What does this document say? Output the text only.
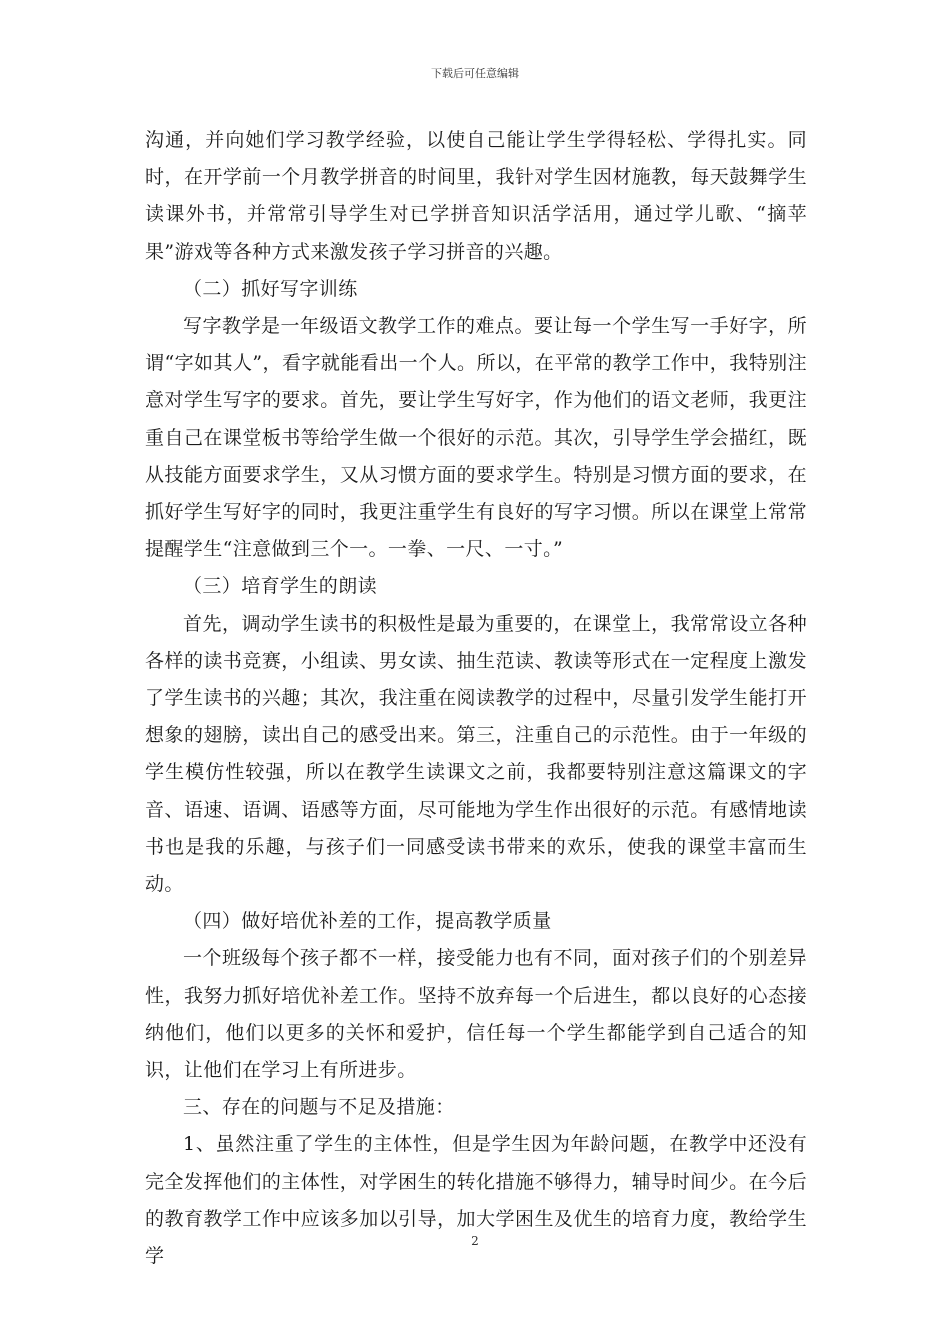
下载后可任意编辑

沟通，并向她们学习教学经验，以使自己能让学生学得轻松、学得扎实。同时，在开学前一个月教学拼音的时间里，我针对学生因材施教，每天鼓舞学生读课外书，并常常引导学生对已学拼音知识活学活用，通过学儿歌、“摘苹果”游戏等各种方式来激发孩子学习拼音的兴趣。

（二）抓好写字训练

写字教学是一年级语文教学工作的难点。要让每一个学生写一手好字，所谓“字如其人”，看字就能看出一个人。所以，在平常的教学工作中，我特别注意对学生写字的要求。首先，要让学生写好字，作为他们的语文老师，我更注重自己在课堂板书等给学生做一个很好的示范。其次，引导学生学会描红，既从技能方面要求学生，又从习惯方面的要求学生。特别是习惯方面的要求，在抓好学生写好字的同时，我更注重学生有良好的写字习惯。所以在课堂上常常提醒学生“注意做到三个一。一拳、一尺、一寸。”

（三）培育学生的朗读

首先，调动学生读书的积极性是最为重要的，在课堂上，我常常设立各种各样的读书竞赛，小组读、男女读、抽生范读、教读等形式在一定程度上激发了学生读书的兴趣；其次，我注重在阅读教学的过程中，尽量引发学生能打开想象的翅膀，读出自己的感受出来。第三，注重自己的示范性。由于一年级的学生模仿性较强，所以在教学生读课文之前，我都要特别注意这篇课文的字音、语速、语调、语感等方面，尽可能地为学生作出很好的示范。有感情地读书也是我的乐趣，与孩子们一同感受读书带来的欢乐，使我的课堂丰富而生动。

（四）做好培优补差的工作，提高教学质量

一个班级每个孩子都不一样，接受能力也有不同，面对孩子们的个别差异性，我努力抓好培优补差工作。坚持不放弃每一个后进生，都以良好的心态接纳他们，他们以更多的关怀和爱护，信任每一个学生都能学到自己适合的知识，让他们在学习上有所进步。

三、存在的问题与不足及措施：

1、虽然注重了学生的主体性，但是学生因为年龄问题，在教学中还没有完全发挥他们的主体性，对学困生的转化措施不够得力，辅导时间少。在今后的教育教学工作中应该多加以引导，加大学困生及优生的培育力度，教给学生学

2
